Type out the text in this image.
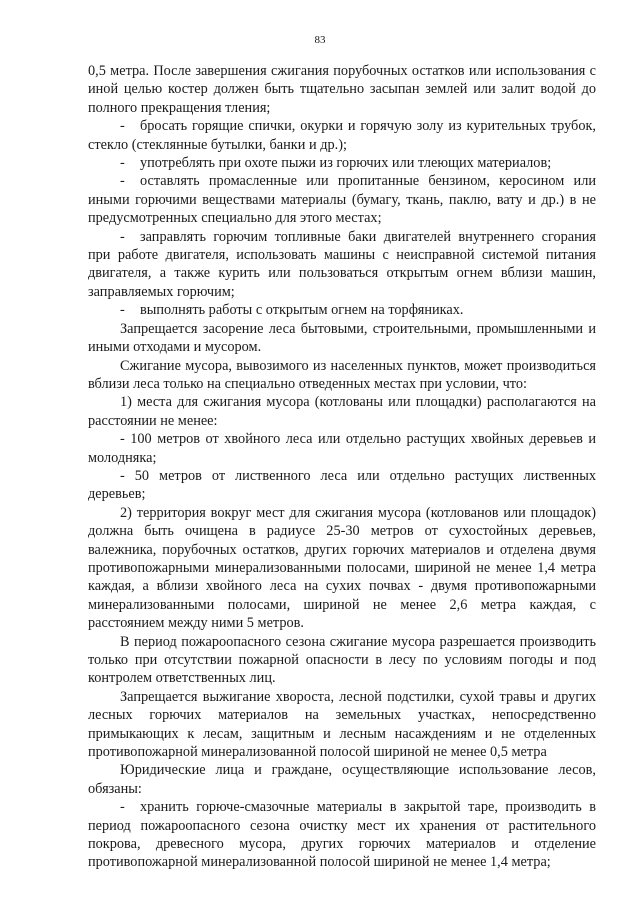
83

0,5 метра. После завершения сжигания порубочных остатков или использования с иной целью костер должен быть тщательно засыпан землей или залит водой до полного прекращения тления;

- бросать горящие спички, окурки и горячую золу из курительных трубок, стекло (стеклянные бутылки, банки и др.);

- употреблять при охоте пыжи из горючих или тлеющих материалов;

- оставлять промасленные или пропитанные бензином, керосином или иными горючими веществами материалы (бумагу, ткань, паклю, вату и др.) в не предусмотренных специально для этого местах;

- заправлять горючим топливные баки двигателей внутреннего сгорания при работе двигателя, использовать машины с неисправной системой питания двигателя, а также курить или пользоваться открытым огнем вблизи машин, заправляемых горючим;

- выполнять работы с открытым огнем на торфяниках.

Запрещается засорение леса бытовыми, строительными, промышленными и иными отходами и мусором.

Сжигание мусора, вывозимого из населенных пунктов, может производиться вблизи леса только на специально отведенных местах при условии, что:

1) места для сжигания мусора (котлованы или площадки) располагаются на расстоянии не менее:

- 100 метров от хвойного леса или отдельно растущих хвойных деревьев и молодняка;

- 50 метров от лиственного леса или отдельно растущих лиственных деревьев;

2) территория вокруг мест для сжигания мусора (котлованов или площадок) должна быть очищена в радиусе 25-30 метров от сухостойных деревьев, валежника, порубочных остатков, других горючих материалов и отделена двумя противопожарными минерализованными полосами, шириной не менее 1,4 метра каждая, а вблизи хвойного леса на сухих почвах - двумя противопожарными минерализованными полосами, шириной не менее 2,6 метра каждая, с расстоянием между ними 5 метров.

В период пожароопасного сезона сжигание мусора разрешается производить только при отсутствии пожарной опасности в лесу по условиям погоды и под контролем ответственных лиц.

Запрещается выжигание хвороста, лесной подстилки, сухой травы и других лесных горючих материалов на земельных участках, непосредственно примыкающих к лесам, защитным и лесным насаждениям и не отделенных противопожарной минерализованной полосой шириной не менее 0,5 метра

Юридические лица и граждане, осуществляющие использование лесов, обязаны:

- хранить горюче-смазочные материалы в закрытой таре, производить в период пожароопасного сезона очистку мест их хранения от растительного покрова, древесного мусора, других горючих материалов и отделение противопожарной минерализованной полосой шириной не менее 1,4 метра;
